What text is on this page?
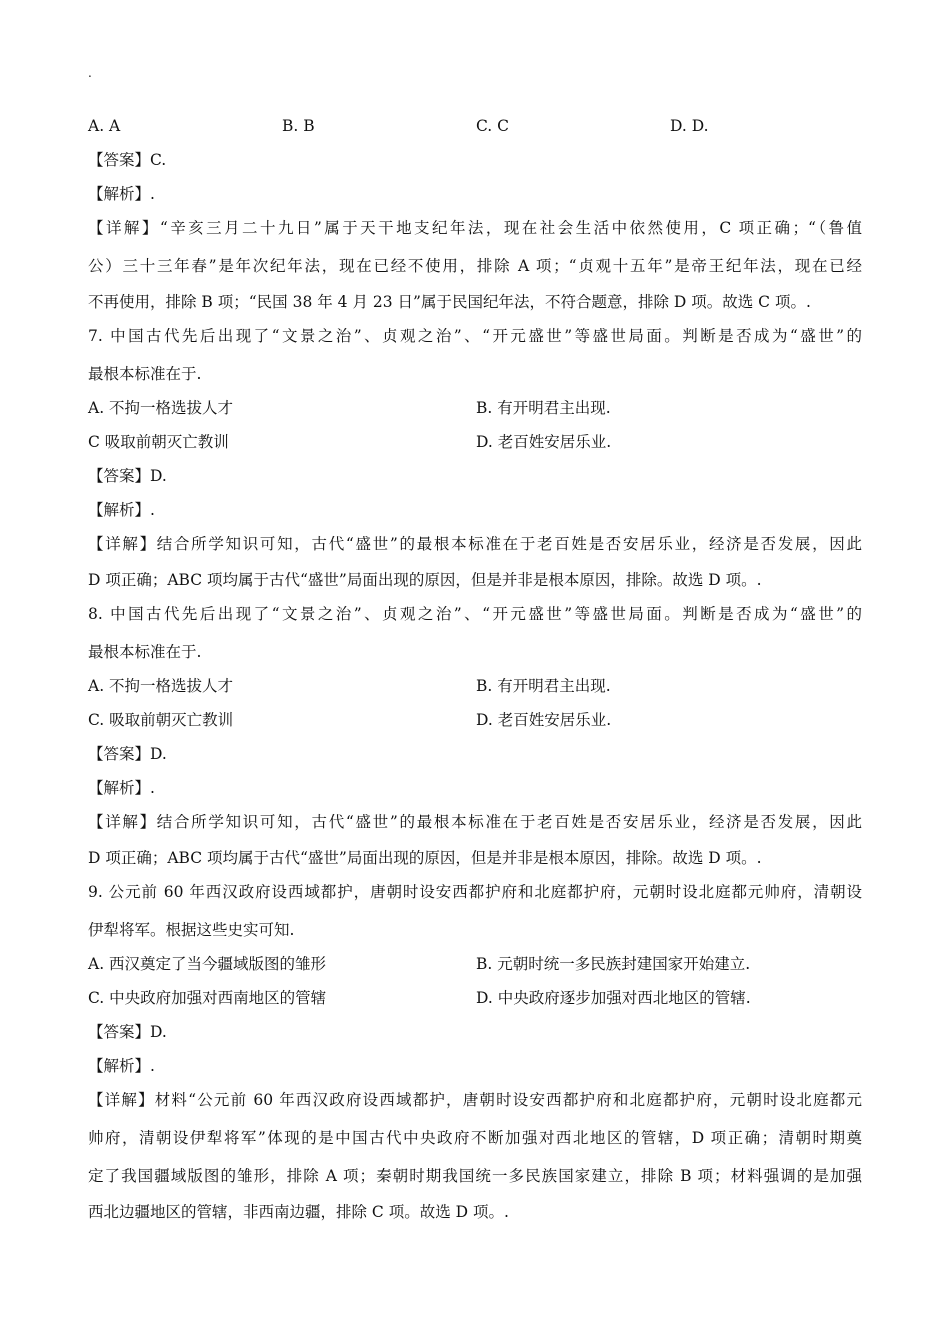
.
A. A	B. B	C. C	D. D.
【答案】C.
【解析】.
【详解】“辛亥三月二十九日”属于天干地支纪年法，现在社会生活中依然使用，C 项正确；“（鲁值
公）三十三年春”是年次纪年法，现在已经不使用，排除 A 项；“贞观十五年”是帝王纪年法，现在已经
不再使用，排除 B 项；“民国 38 年 4 月 23 日”属于民国纪年法，不符合题意，排除 D 项。故选 C 项。.
7. 中国古代先后出现了“文景之治”、贞观之治”、“开元盛世”等盛世局面。判断是否成为“盛世”的
最根本标准在于.
A. 不拘一格选拔人才	B. 有开明君主出现.
C 吸取前朝灭亡教训	D. 老百姓安居乐业.
【答案】D.
【解析】.
【详解】结合所学知识可知，古代“盛世”的最根本标准在于老百姓是否安居乐业，经济是否发展，因此
D 项正确；ABC 项均属于古代“盛世”局面出现的原因，但是并非是根本原因，排除。故选 D 项。.
8. 中国古代先后出现了“文景之治”、贞观之治”、“开元盛世”等盛世局面。判断是否成为“盛世”的
最根本标准在于.
A. 不拘一格选拔人才	B. 有开明君主出现.
C. 吸取前朝灭亡教训	D. 老百姓安居乐业.
【答案】D.
【解析】.
【详解】结合所学知识可知，古代“盛世”的最根本标准在于老百姓是否安居乐业，经济是否发展，因此
D 项正确；ABC 项均属于古代“盛世”局面出现的原因，但是并非是根本原因，排除。故选 D 项。.
9. 公元前 60 年西汉政府设西域都护，唐朝时设安西都护府和北庭都护府，元朝时设北庭都元帅府，清朝设
伊犁将军。根据这些史实可知.
A. 西汉奠定了当今疆域版图的雏形	B. 元朝时统一多民族封建国家开始建立.
C. 中央政府加强对西南地区的管辖	D. 中央政府逐步加强对西北地区的管辖.
【答案】D.
【解析】.
【详解】材料“公元前 60 年西汉政府设西域都护，唐朝时设安西都护府和北庭都护府，元朝时设北庭都元
帅府，清朝设伊犁将军”体现的是中国古代中央政府不断加强对西北地区的管辖，D 项正确；清朝时期奠
定了我国疆域版图的雏形，排除 A 项；秦朝时期我国统一多民族国家建立，排除 B 项；材料强调的是加强
西北边疆地区的管辖，非西南边疆，排除 C 项。故选 D 项。.
